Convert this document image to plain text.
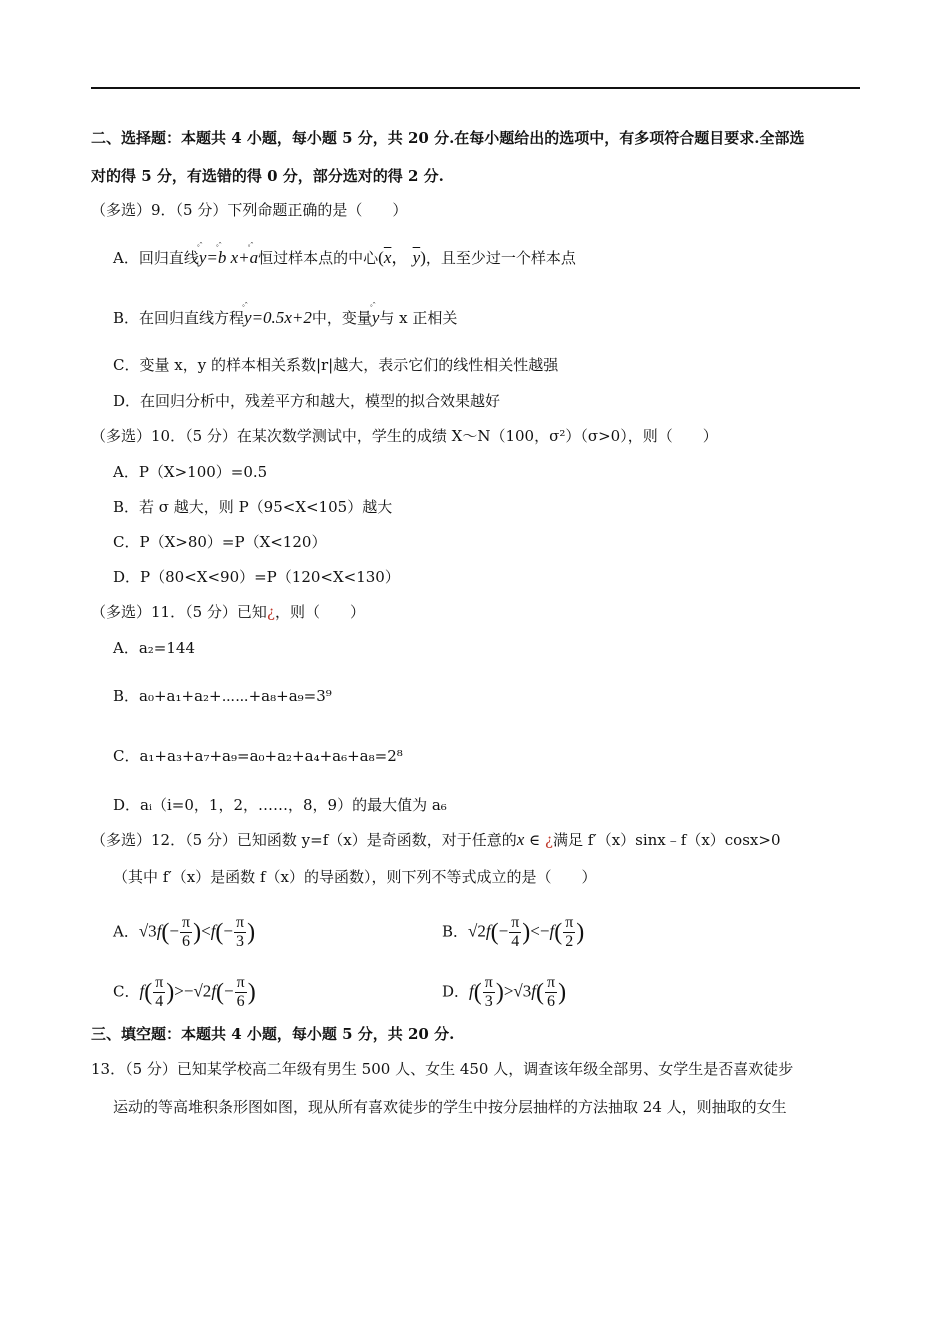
二、选择题：本题共 4 小题，每小题 5 分，共 20 分.在每小题给出的选项中，有多项符合题目要求.全部选
对的得 5 分，有选错的得 0 分，部分选对的得 2 分.
（多选）9．（5 分）下列命题正确的是（　　）
A．回归直线◦ˆ y=◦ˆ b x+◦ˆ a恒过样本点的中心($\overline{x}$， $\overline{y}$)，且至少过一个样本点
B．在回归直线方程◦ˆ y=0.5x+2中，变量◦ˆ y与 x 正相关
C．变量 x，y 的样本相关系数|r|越大，表示它们的线性相关性越强
D．在回归分析中，残差平方和越大，模型的拟合效果越好
（多选）10．（5 分）在某次数学测试中，学生的成绩 X～N（100，σ²）（σ>0），则（　　）
A．P（X>100）=0.5
B．若 σ 越大，则 P（95<X<105）越大
C．P（X>80）=P（X<120）
D．P（80<X<90）=P（120<X<130）
（多选）11．（5 分）已知¿，则（　　）
A．a₂=144
B．a₀+a₁+a₂+⋯⋯+a₈+a₉=3⁹
C．a₁+a₃+a₇+a₉=a₀+a₂+a₄+a₆+a₈=2⁸
D．aᵢ（i=0，1，2，……，8，9）的最大值为 a₆
（多选）12．（5 分）已知函数 y=f（x）是奇函数，对于任意的x ∈ ¿满足 f′（x）sinx﹣f（x）cosx>0
（其中 f′（x）是函数 f（x）的导函数），则下列不等式成立的是（　　）
A．$√3f(- \frac{\pi}{6} )<f(- \frac{\pi}{3}$ )	B．$√2f(- \frac{\pi}{4} )<-f( \frac{\pi}{2}$ )
C．$f( \frac{\pi}{4} )>-√2f(- \frac{\pi}{6}$ )	D．$f( \frac{\pi}{3} )>√3f( \frac{\pi}{6}$ )
三、填空题：本题共 4 小题，每小题 5 分，共 20 分.
13．（5 分）已知某学校高二年级有男生 500 人、女生 450 人，调查该年级全部男、女学生是否喜欢徒步
运动的等高堆积条形图如图，现从所有喜欢徒步的学生中按分层抽样的方法抽取 24 人，则抽取的女生
